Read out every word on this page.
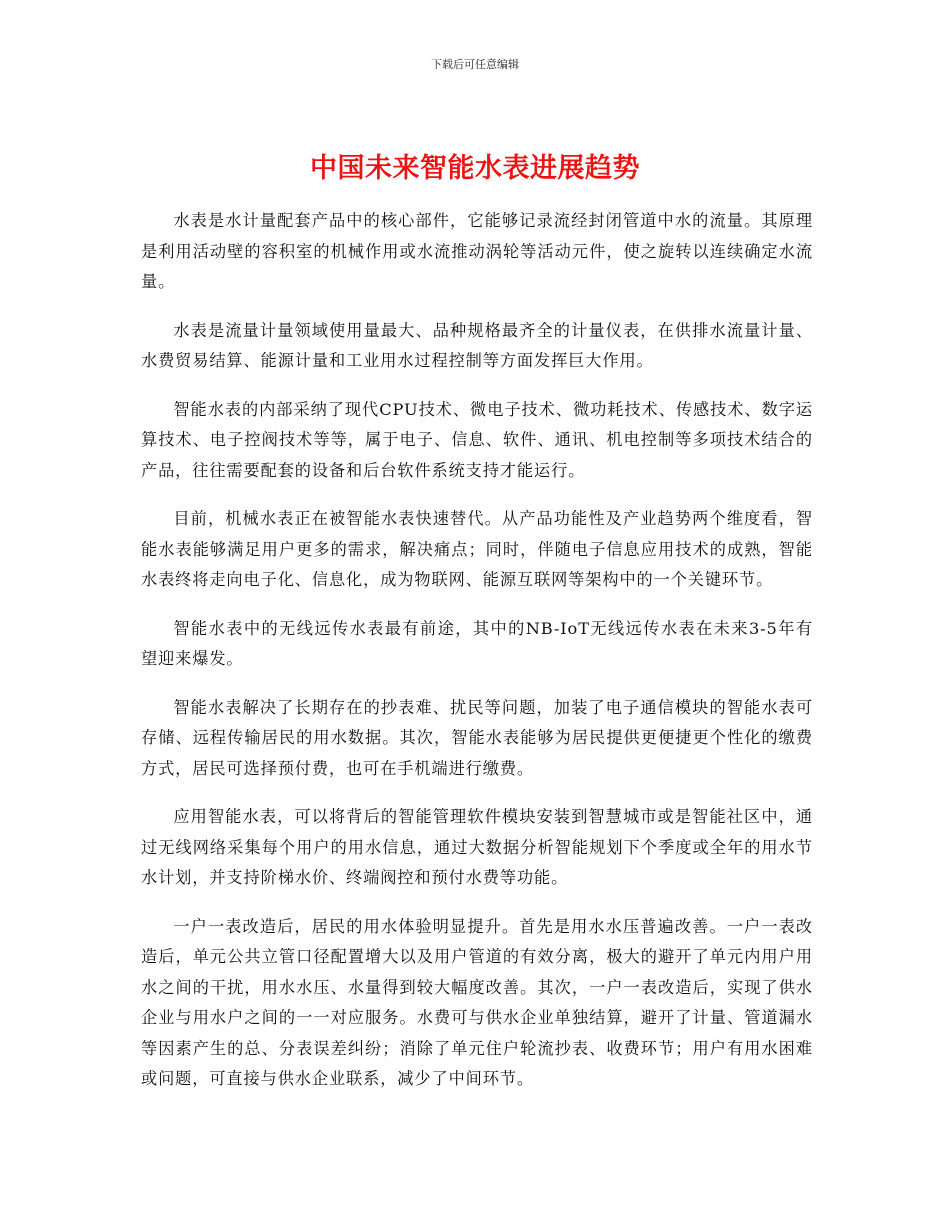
下载后可任意编辑
中国未来智能水表进展趋势

水表是水计量配套产品中的核心部件，它能够记录流经封闭管道中水的流量。其原理是利用活动壁的容积室的机械作用或水流推动涡轮等活动元件，使之旋转以连续确定水流量。

水表是流量计量领域使用量最大、品种规格最齐全的计量仪表，在供排水流量计量、水费贸易结算、能源计量和工业用水过程控制等方面发挥巨大作用。

智能水表的内部采纳了现代CPU技术、微电子技术、微功耗技术、传感技术、数字运算技术、电子控阀技术等等，属于电子、信息、软件、通讯、机电控制等多项技术结合的产品，往往需要配套的设备和后台软件系统支持才能运行。

目前，机械水表正在被智能水表快速替代。从产品功能性及产业趋势两个维度看，智能水表能够满足用户更多的需求，解决痛点；同时，伴随电子信息应用技术的成熟，智能水表终将走向电子化、信息化，成为物联网、能源互联网等架构中的一个关键环节。

智能水表中的无线远传水表最有前途，其中的NB-IoT无线远传水表在未来3-5年有望迎来爆发。

智能水表解决了长期存在的抄表难、扰民等问题，加装了电子通信模块的智能水表可存储、远程传输居民的用水数据。其次，智能水表能够为居民提供更便捷更个性化的缴费方式，居民可选择预付费，也可在手机端进行缴费。

应用智能水表，可以将背后的智能管理软件模块安装到智慧城市或是智能社区中，通过无线网络采集每个用户的用水信息，通过大数据分析智能规划下个季度或全年的用水节水计划，并支持阶梯水价、终端阀控和预付水费等功能。

一户一表改造后，居民的用水体验明显提升。首先是用水水压普遍改善。一户一表改造后，单元公共立管口径配置增大以及用户管道的有效分离，极大的避开了单元内用户用水之间的干扰，用水水压、水量得到较大幅度改善。其次，一户一表改造后，实现了供水企业与用水户之间的一一对应服务。水费可与供水企业单独结算，避开了计量、管道漏水等因素产生的总、分表误差纠纷；消除了单元住户轮流抄表、收费环节；用户有用水困难或问题，可直接与供水企业联系，减少了中间环节。
